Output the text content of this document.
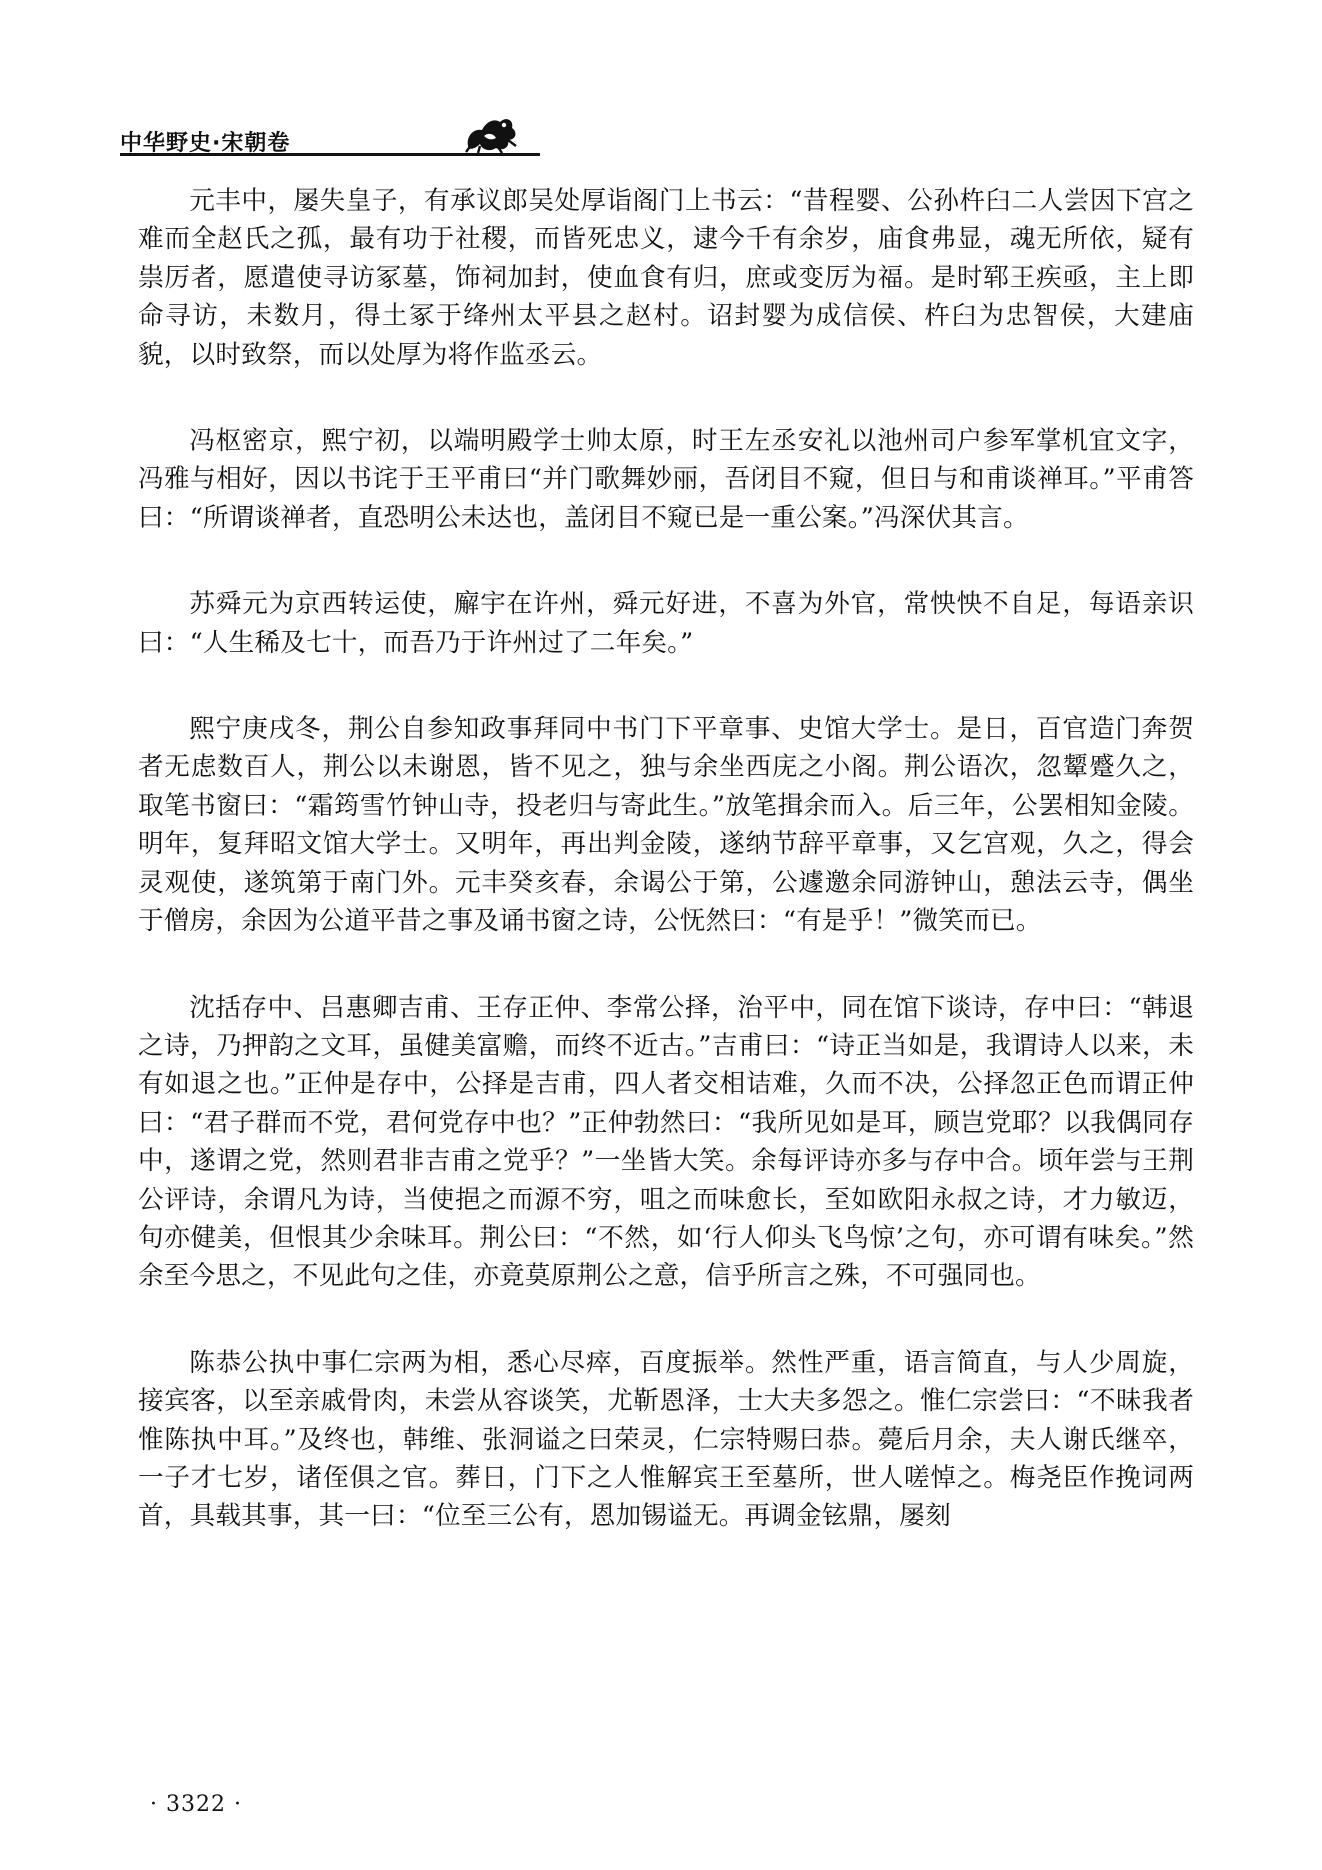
中华野史·宋朝卷

元丰中，屡失皇子，有承议郎吴处厚诣阁门上书云：“昔程婴、公孙杵臼二人尝因下宫之难而全赵氏之孤，最有功于社稷，而皆死忠义，逮今千有余岁，庙食弗显，魂无所依，疑有祟厉者，愿遣使寻访冢墓，饰祠加封，使血食有归，庶或变厉为福。是时郓王疾亟，主上即命寻访，未数月，得土冢于绛州太平县之赵村。诏封婴为成信侯、杵臼为忠智侯，大建庙貌，以时致祭，而以处厚为将作监丞云。

冯枢密京，熙宁初，以端明殿学士帅太原，时王左丞安礼以池州司户参军掌机宜文字，冯雅与相好，因以书诧于王平甫曰“并门歌舞妙丽，吾闭目不窥，但日与和甫谈禅耳。”平甫答曰：“所谓谈禅者，直恐明公未达也，盖闭目不窥已是一重公案。”冯深伏其言。

苏舜元为京西转运使，廨宇在许州，舜元好进，不喜为外官，常怏怏不自足，每语亲识曰：“人生稀及七十，而吾乃于许州过了二年矣。”

熙宁庚戌冬，荆公自参知政事拜同中书门下平章事、史馆大学士。是日，百官造门奔贺者无虑数百人，荆公以未谢恩，皆不见之，独与余坐西庑之小阁。荆公语次，忽颦蹙久之，取笔书窗曰：“霜筠雪竹钟山寺，投老归与寄此生。”放笔揖余而入。后三年，公罢相知金陵。明年，复拜昭文馆大学士。又明年，再出判金陵，遂纳节辞平章事，又乞宫观，久之，得会灵观使，遂筑第于南门外。元丰癸亥春，余谒公于第，公遽邀余同游钟山，憩法云寺，偶坐于僧房，余因为公道平昔之事及诵书窗之诗，公怃然曰：“有是乎！”微笑而已。

沈括存中、吕惠卿吉甫、王存正仲、李常公择，治平中，同在馆下谈诗，存中曰：“韩退之诗，乃押韵之文耳，虽健美富赡，而终不近古。”吉甫曰：“诗正当如是，我谓诗人以来，未有如退之也。”正仲是存中，公择是吉甫，四人者交相诘难，久而不决，公择忽正色而谓正仲曰：“君子群而不党，君何党存中也？”正仲勃然曰：“我所见如是耳，顾岂党耶？以我偶同存中，遂谓之党，然则君非吉甫之党乎？”一坐皆大笑。余每评诗亦多与存中合。顷年尝与王荆公评诗，余谓凡为诗，当使挹之而源不穷，咀之而味愈长，至如欧阳永叔之诗，才力敏迈，句亦健美，但恨其少余味耳。荆公曰：“不然，如‘行人仰头飞鸟惊’之句，亦可谓有味矣。”然余至今思之，不见此句之佳，亦竟莫原荆公之意，信乎所言之殊，不可强同也。

陈恭公执中事仁宗两为相，悉心尽瘁，百度振举。然性严重，语言简直，与人少周旋，接宾客，以至亲戚骨肉，未尝从容谈笑，尤靳恩泽，士大夫多怨之。惟仁宗尝曰：“不昧我者惟陈执中耳。”及终也，韩维、张洞谥之曰荣灵，仁宗特赐曰恭。薨后月余，夫人谢氏继卒，一子才七岁，诸侄俱之官。葬日，门下之人惟解宾王至墓所，世人嗟悼之。梅尧臣作挽词两首，具载其事，其一曰：“位至三公有，恩加锡谥无。再调金铉鼎，屡刻

· 3322 ·
